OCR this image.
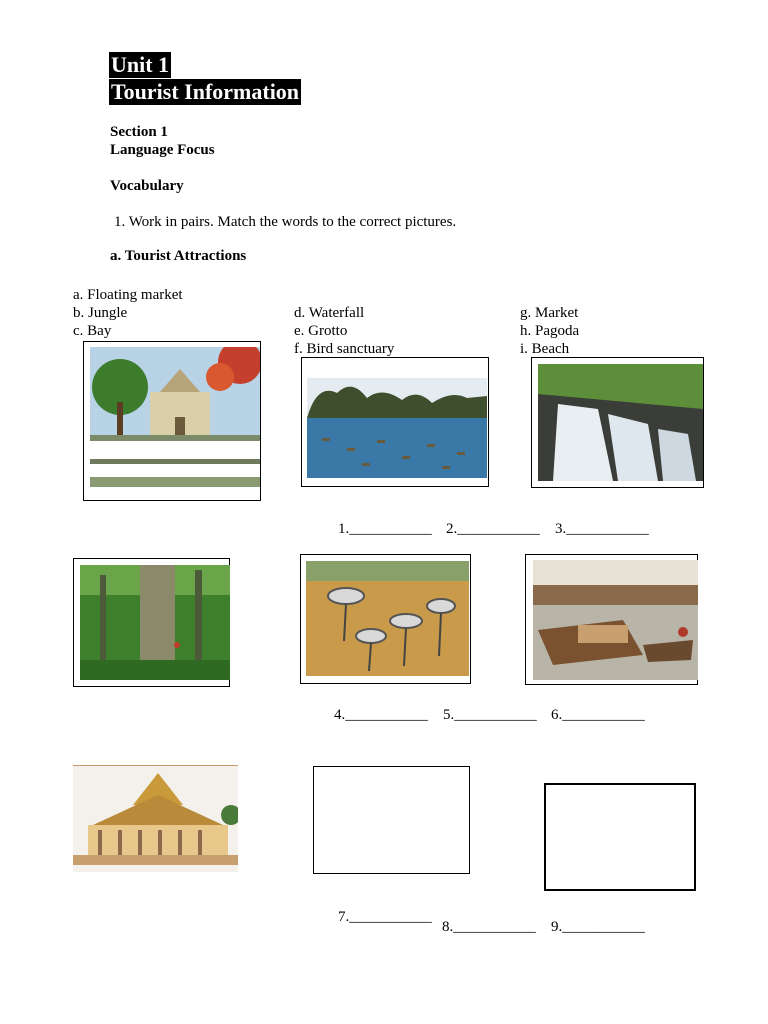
Unit 1
Tourist Information
Section 1
Language Focus
Vocabulary
1. Work in pairs. Match the words to the correct pictures.
a. Tourist Attractions
a. Floating market
b. Jungle
c. Bay
d. Waterfall
e. Grotto
f. Bird sanctuary
g. Market
h. Pagoda
i. Beach
1.___________ 2.___________ 3.___________
4.___________ 5.___________ 6.___________
7.___________
8.___________ 9.___________
